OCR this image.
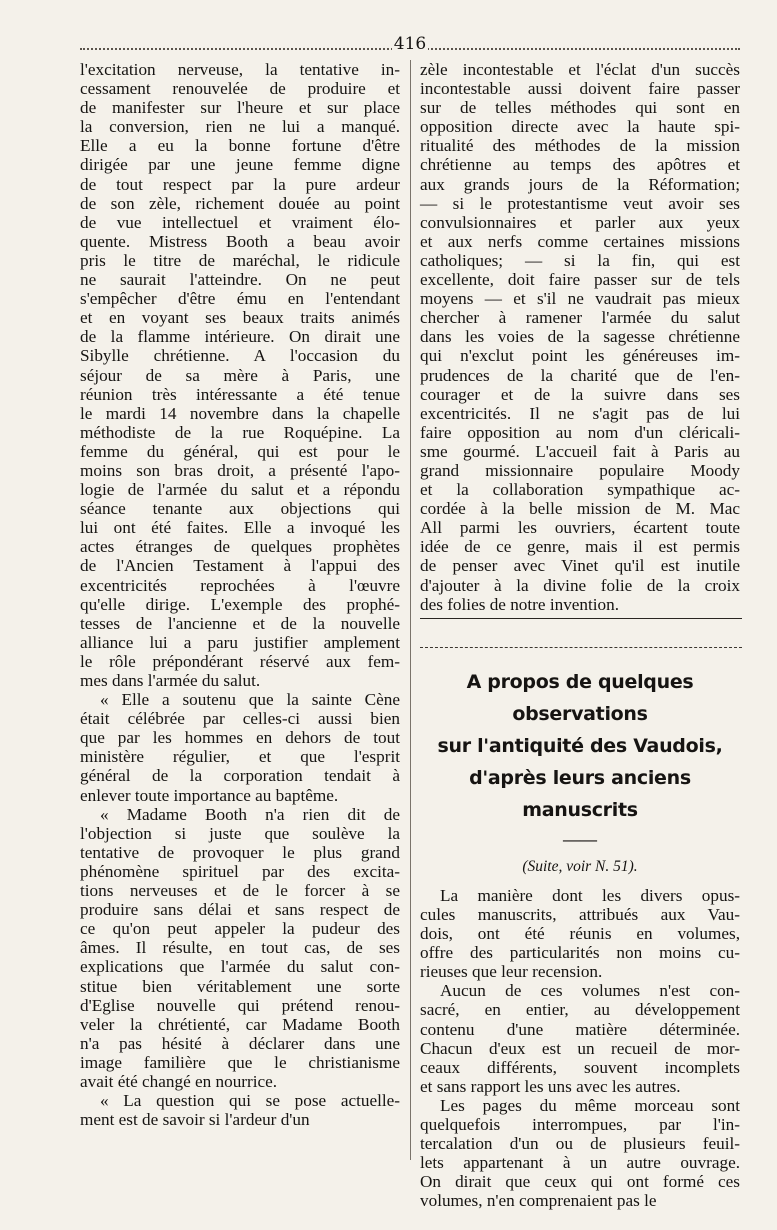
416

l'excitation nerveuse, la tentative in-
cessament renouvelée de produire et
de manifester sur l'heure et sur place
la conversion, rien ne lui a manqué.
Elle a eu la bonne fortune d'être
dirigée par une jeune femme digne
de tout respect par la pure ardeur
de son zèle, richement douée au point
de vue intellectuel et vraiment élo-
quente. Mistress Booth a beau avoir
pris le titre de maréchal, le ridicule
ne saurait l'atteindre. On ne peut
s'empêcher d'être ému en l'entendant
et en voyant ses beaux traits animés
de la flamme intérieure. On dirait une
Sibylle chrétienne. A l'occasion du
séjour de sa mère à Paris, une
réunion très intéressante a été tenue
le mardi 14 novembre dans la chapelle
méthodiste de la rue Roquépine. La
femme du général, qui est pour le
moins son bras droit, a présenté l'apo-
logie de l'armée du salut et a répondu
séance tenante aux objections qui
lui ont été faites. Elle a invoqué les
actes étranges de quelques prophètes
de l'Ancien Testament à l'appui des
excentricités reprochées à l'œuvre
qu'elle dirige. L'exemple des prophé-
tesses de l'ancienne et de la nouvelle
alliance lui a paru justifier amplement
le rôle prépondérant réservé aux fem-
mes dans l'armée du salut.

« Elle a soutenu que la sainte Cène
était célébrée par celles-ci aussi bien
que par les hommes en dehors de tout
ministère régulier, et que l'esprit
général de la corporation tendait à
enlever toute importance au baptême.

« Madame Booth n'a rien dit de
l'objection si juste que soulève la
tentative de provoquer le plus grand
phénomène spirituel par des excita-
tions nerveuses et de le forcer à se
produire sans délai et sans respect de
ce qu'on peut appeler la pudeur des
âmes. Il résulte, en tout cas, de ses
explications que l'armée du salut con-
stitue bien véritablement une sorte
d'Eglise nouvelle qui prétend renou-
veler la chrétienté, car Madame Booth
n'a pas hésité à déclarer dans une
image familière que le christianisme
avait été changé en nourrice.

« La question qui se pose actuelle-
ment est de savoir si l'ardeur d'un

zèle incontestable et l'éclat d'un succès
incontestable aussi doivent faire passer
sur de telles méthodes qui sont en
opposition directe avec la haute spi-
ritualité des méthodes de la mission
chrétienne au temps des apôtres et
aux grands jours de la Réformation;
— si le protestantisme veut avoir ses
convulsionnaires et parler aux yeux
et aux nerfs comme certaines missions
catholiques; — si la fin, qui est
excellente, doit faire passer sur de tels
moyens — et s'il ne vaudrait pas mieux
chercher à ramener l'armée du salut
dans les voies de la sagesse chrétienne
qui n'exclut point les généreuses im-
prudences de la charité que de l'en-
courager et de la suivre dans ses
excentricités. Il ne s'agit pas de lui
faire opposition au nom d'un cléricali-
sme gourmé. L'accueil fait à Paris au
grand missionnaire populaire Moody
et la collaboration sympathique ac-
cordée à la belle mission de M. Mac
All parmi les ouvriers, écartent toute
idée de ce genre, mais il est permis
de penser avec Vinet qu'il est inutile
d'ajouter à la divine folie de la croix
des folies de notre invention.

A propos de quelques observations
sur l'antiquité des Vaudois,
d'après leurs anciens manuscrits
——
(Suite, voir N. 51).

La manière dont les divers opus-
cules manuscrits, attribués aux Vau-
dois, ont été réunis en volumes,
offre des particularités non moins cu-
rieuses que leur recension.

Aucun de ces volumes n'est con-
sacré, en entier, au développement
contenu d'une matière déterminée.
Chacun d'eux est un recueil de mor-
ceaux différents, souvent incomplets
et sans rapport les uns avec les autres.

Les pages du même morceau sont
quelquefois interrompues, par l'in-
tercalation d'un ou de plusieurs feuil-
lets appartenant à un autre ouvrage.
On dirait que ceux qui ont formé ces
volumes, n'en comprenaient pas le
